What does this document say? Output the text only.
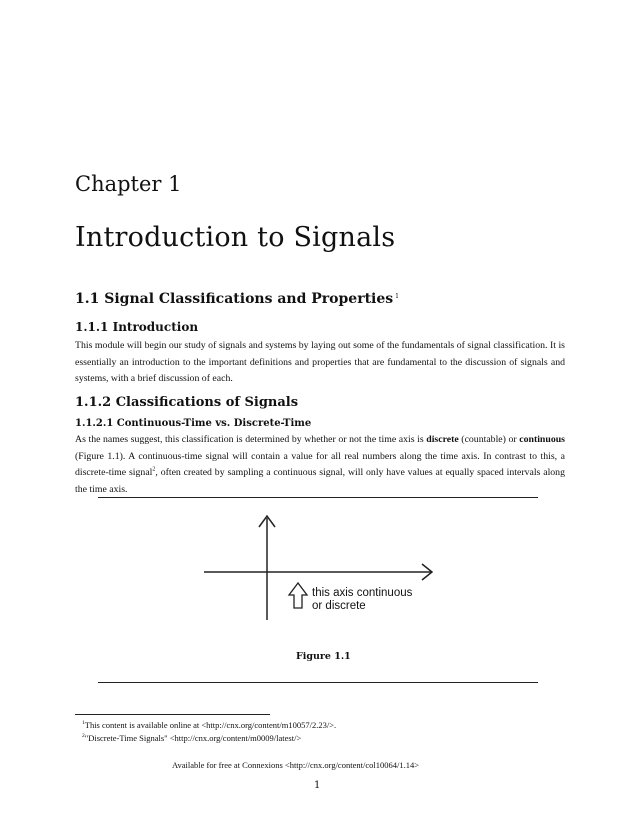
Chapter 1
Introduction to Signals
1.1 Signal Classifications and Properties $^1$
1.1.1 Introduction

This module will begin our study of signals and systems by laying out some of the fundamentals of signal classification. It is essentially an introduction to the important definitions and properties that are fundamental to the discussion of signals and systems, with a brief discussion of each.

1.1.2 Classifications of Signals
1.1.2.1 Continuous-Time vs. Discrete-Time

As the names suggest, this classification is determined by whether or not the time axis is discrete (countable) or continuous (Figure 1.1). A continuous-time signal will contain a value for all real numbers along the time axis. In contrast to this, a discrete-time signal$^2$, often created by sampling a continuous signal, will only have values at equally spaced intervals along the time axis.

this axis continuous
or discrete
Figure 1.1
$^1$This content is available online at <http://cnx.org/content/m10057/2.23/>.
$^2$"Discrete-Time Signals" <http://cnx.org/content/m0009/latest/>
Available for free at Connexions <http://cnx.org/content/col10064/1.14>
1
